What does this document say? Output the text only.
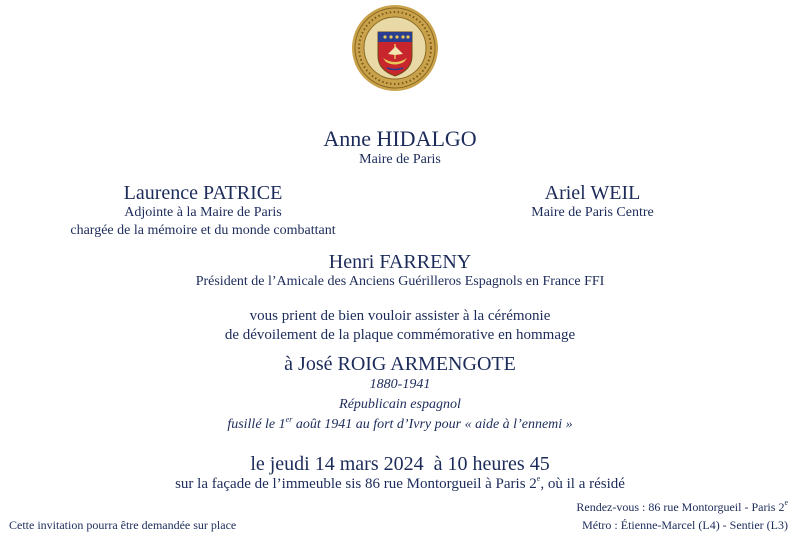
Anne HIDALGO
Maire de Paris
Laurence PATRICE
Adjointe à la Maire de Paris
chargée de la mémoire et du monde combattant
Ariel WEIL
Maire de Paris Centre
Henri FARRENY
Président de l’Amicale des Anciens Guérilleros Espagnols en France FFI
vous prient de bien vouloir assister à la cérémonie
de dévoilement de la plaque commémorative en hommage
à José ROIG ARMENGOTE
1880-1941
Républicain espagnol
fusillé le 1er août 1941 au fort d’Ivry pour « aide à l’ennemi »
le jeudi 14 mars 2024  à 10 heures 45
sur la façade de l’immeuble sis 86 rue Montorgueil à Paris 2e, où il a résidé
Cette invitation pourra être demandée sur place
Rendez-vous : 86 rue Montorgueil - Paris 2e
Métro : Étienne-Marcel (L4) - Sentier (L3)
